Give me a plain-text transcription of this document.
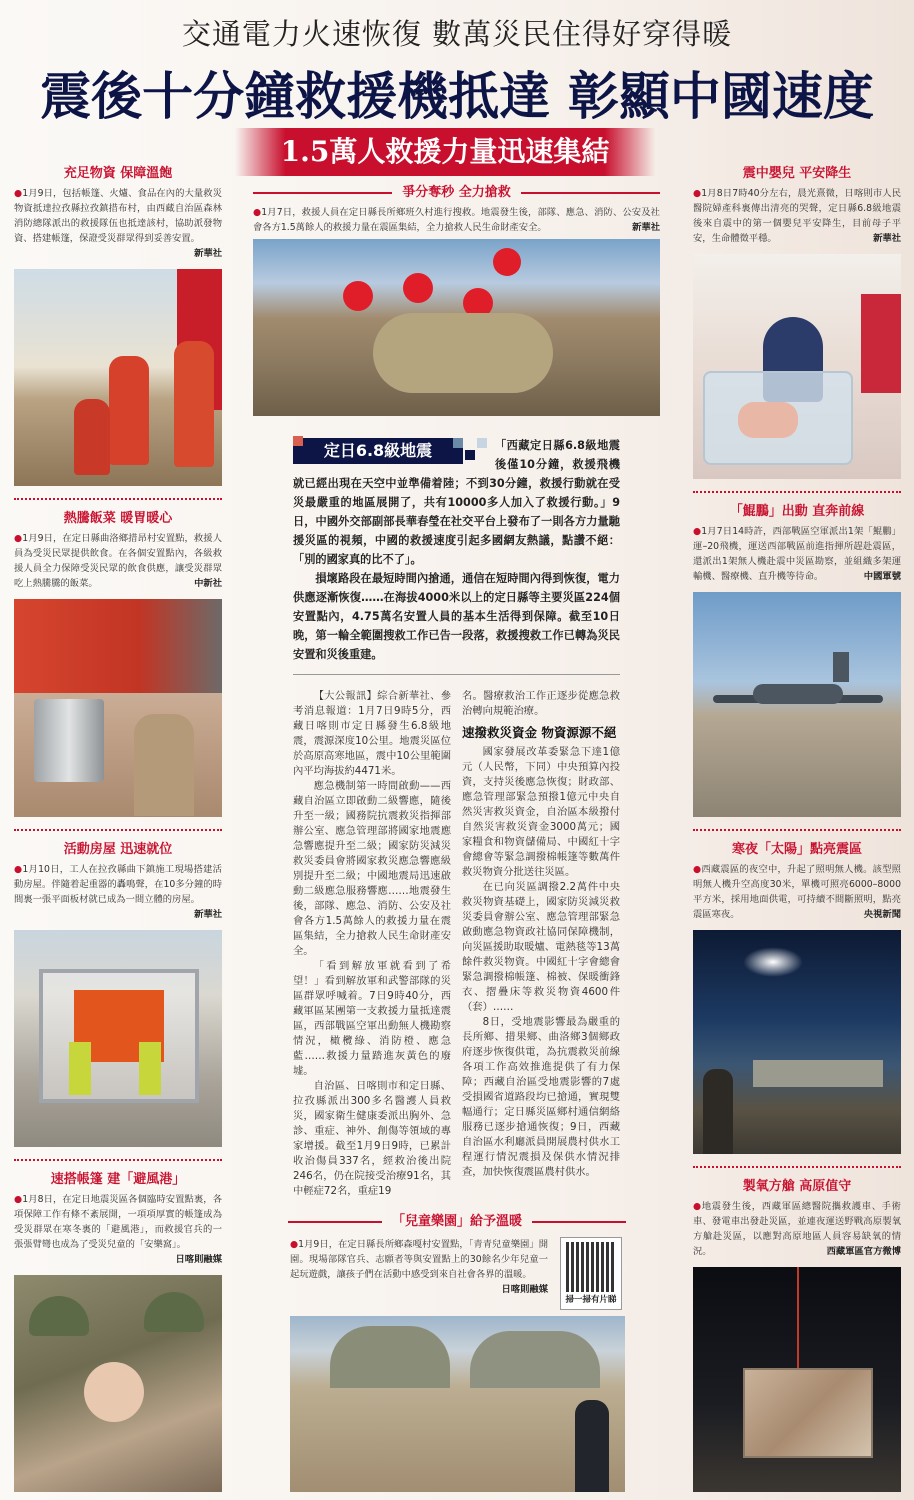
交通電力火速恢復 數萬災民住得好穿得暖
震後十分鐘救援機抵達 彰顯中國速度
1.5萬人救援力量迅速集結
充足物資 保障溫飽
●1月9日，包括帳篷、火爐、食品在內的大量救災物資抵達拉孜縣拉孜鎮措布村，由西藏自治區森林消防總隊派出的救援隊伍也抵達該村，協助派發物資、搭建帳篷，保證受災群眾得到妥善安置。
新華社
熱騰飯菜 暖胃暖心
●1月9日，在定日縣曲洛鄉措昂村安置點，救援人員為受災民眾提供飲食。在各個安置點內，各級救援人員全力保障受災民眾的飲食供應，讓受災群眾吃上熱騰騰的飯菜。	中新社
活動房屋 迅速就位
●1月10日，工人在拉孜縣曲下鎮施工現場搭建活動房屋。伴隨着起重器的轟鳴聲，在10多分鐘的時間裏一張平面板材就已成為一間立體的房屋。
新華社
速搭帳篷 建「避風港」
●1月8日，在定日地震災區各個臨時安置點裏，各項保障工作有條不紊展開，一項項厚實的帳篷成為受災群眾在寒冬裏的「避風港」，而救援官兵的一張張臂彎也成為了受災兒童的「安樂窩」。
日喀則融媒
爭分奪秒 全力搶救
●1月7日，救援人員在定日縣長所鄉班久村進行搜救。地震發生後，部隊、應急、消防、公安及社會各方1.5萬餘人的救援力量在震區集結，全力搶救人民生命財產安全。	新華社
定日6.8級地震	「西藏定日縣6.8級地震後僅10分鐘，救援飛機就已經出現在天空中並準備着陸；不到30分鐘，救援行動就在受災最嚴重的地區展開了，共有10000多人加入了救援行動。」9日，中國外交部副部長華春瑩在社交平台上發布了一則各方力量馳援災區的視頻，中國的救援速度引起多國網友熱議，點讚不絕：「別的國家真的比不了」。

損壞路段在最短時間內搶通，通信在短時間內得到恢復，電力供應逐漸恢復……在海拔4000米以上的定日縣等主要災區224個安置點內，4.75萬名安置人員的基本生活得到保障。截至10日晚，第一輪全範圍搜救工作已告一段落，救援搜救工作已轉為災民安置和災後重建。

【大公報訊】綜合新華社、參考消息報道：1月7日9時5分，西藏日喀則市定日縣發生6.8級地震，震源深度10公里。地震災區位於高原高寒地區，震中10公里範圍內平均海拔約4471米。

應急機制第一時間啟動——西藏自治區立即啟動二級響應，隨後升至一級；國務院抗震救災指揮部辦公室、應急管理部將國家地震應急響應提升至二級；國家防災減災救災委員會將國家救災應急響應級別提升至二級；中國地震局迅速啟動二級應急服務響應……地震發生後，部隊、應急、消防、公安及社會各方1.5萬餘人的救援力量在震區集結，全力搶救人民生命財產安全。

「看到解放軍就看到了希望！」看到解放軍和武警部隊的災區群眾呼喊着。7日9時40分，西藏軍區某團第一支救援力量抵達震區，西部戰區空軍出動無人機勘察情況，橄欖綠、消防橙、應急藍……救援力量踏進灰黃色的廢墟。

自治區、日喀則市和定日縣、拉孜縣派出300多名醫護人員救災，國家衛生健康委派出胸外、急診、重症、神外、創傷等領域的專家增援。截至1月9日9時，已累計收治傷員337名，經救治後出院246名，仍在院接受治療91名，其中輕症72名，重症19

名。醫療救治工作正逐步從應急救治轉向規範治療。
速撥救災資金 物資源源不絕

國家發展改革委緊急下達1億元（人民幣，下同）中央預算內投資，支持災後應急恢復；財政部、應急管理部緊急預撥1億元中央自然災害救災資金，自治區本級撥付自然災害救災資金3000萬元；國家糧食和物資儲備局、中國紅十字會總會等緊急調撥棉帳篷等數萬件救災物資分批送往災區。

在已向災區調撥2.2萬件中央救災物資基礎上，國家防災減災救災委員會辦公室、應急管理部緊急啟動應急物資政社協同保障機制，向災區援助取暖爐、電熱毯等13萬餘件救災物資。中國紅十字會總會緊急調撥棉帳篷、棉被、保暖衝鋒衣、摺疊床等救災物資4600件（套）……

8日，受地震影響最為嚴重的長所鄉、措果鄉、曲洛鄉3個鄉政府逐步恢復供電，為抗震救災前線各項工作高效推進提供了有力保障；西藏自治區受地震影響的7處受損國省道路段均已搶通，實現雙幅通行；定日縣災區鄉村通信網絡服務已逐步搶通恢復；9日，西藏自治區水利廳派員開展農村供水工程運行情況震損及保供水情況排查，加快恢復震區農村供水。

「兒童樂園」給予溫暖
●1月9日，在定日縣長所鄉森嘎村安置點，「青青兒童樂園」開園。現場部隊官兵、志願者等與安置點上的30餘名少年兒童一起玩遊戲，讓孩子們在活動中感受到來自社會各界的溫暖。
日喀則融媒
掃一掃有片睇
震中嬰兒 平安降生
●1月8日7時40分左右，晨光熹微，日喀則市人民醫院婦產科裏傳出清亮的哭聲，定日縣6.8級地震後來自震中的第一個嬰兒平安降生，目前母子平安，生命體徵平穩。	新華社
「鯤鵬」出動 直奔前線
●1月7日14時許，西部戰區空軍派出1架「鯤鵬」運–20飛機，運送西部戰區前進指揮所趕赴震區，還派出1架無人機赴震中災區勘察，並組織多架運輸機、醫療機、直升機等待命。	中國軍號
寒夜「太陽」點亮震區
●西藏震區的夜空中，升起了照明無人機。該型照明無人機升空高度30米，單機可照亮6000–8000平方米，採用地面供電，可持續不間斷照明，點亮震區寒夜。	央視新聞
製氧方艙 高原值守
●地震發生後，西藏軍區總醫院攜救護車、手術車、發電車出發赴災區，並連夜運送野戰高原製氧方艙赴災區，以應對高原地區人員容易缺氧的情況。	西藏軍區官方微博
